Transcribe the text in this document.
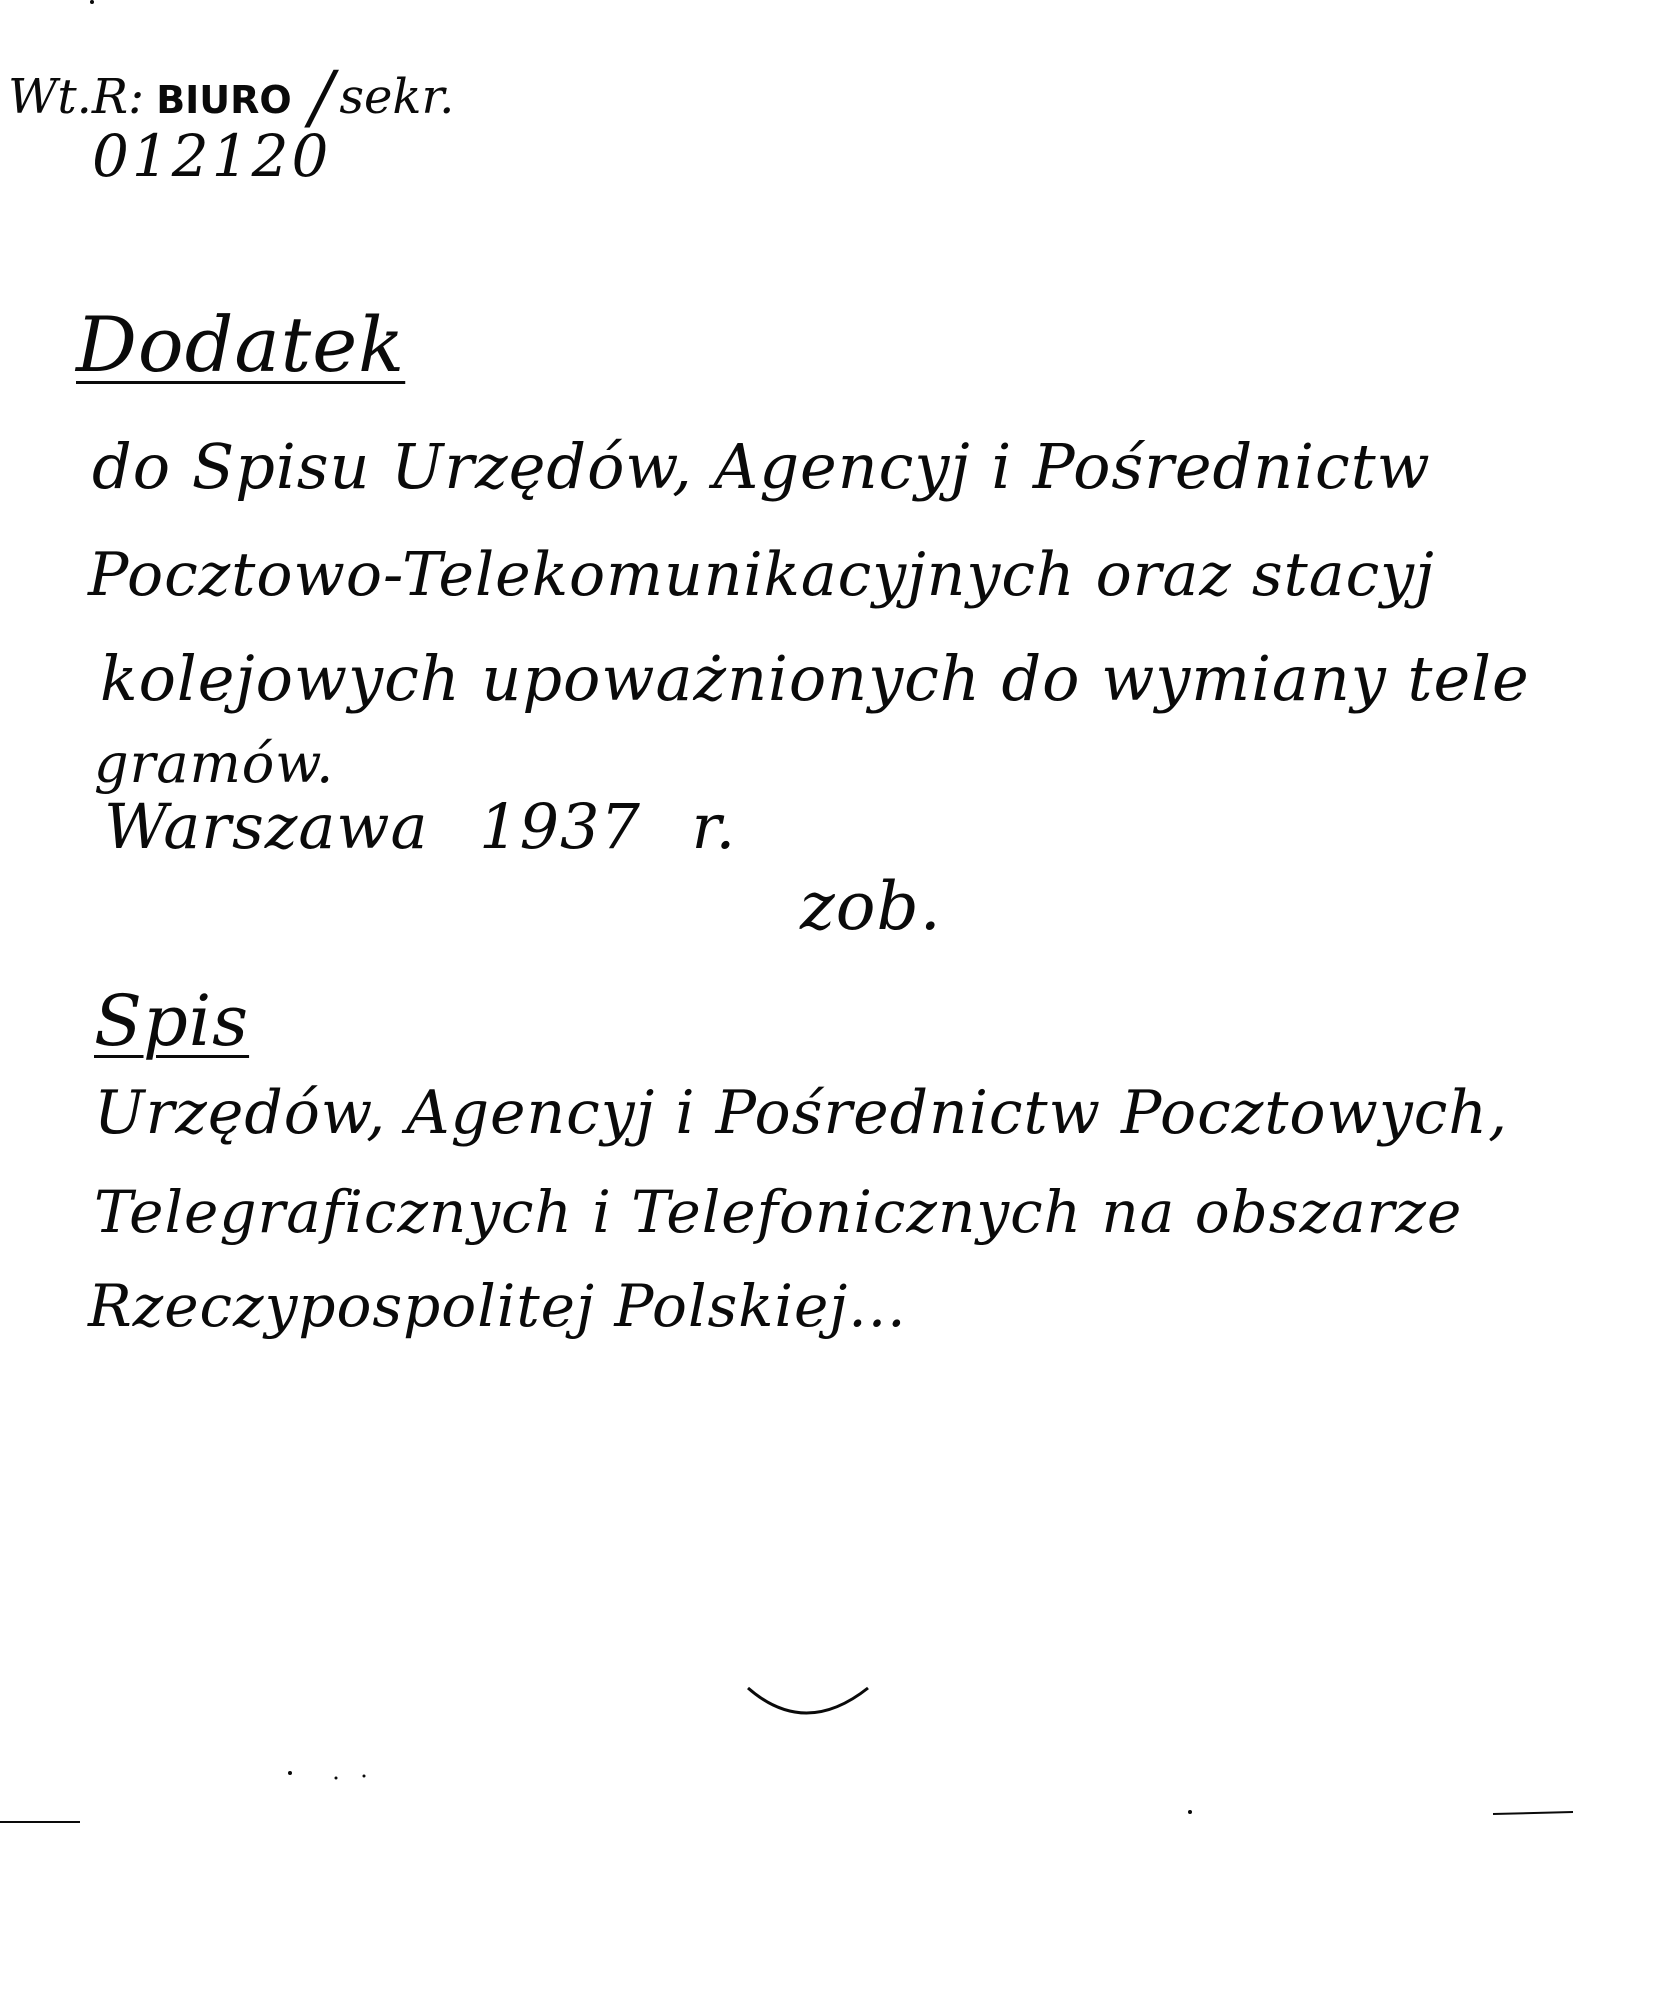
Wt.R: BIURO / sekr.
012120
Dodatek
do Spisu Urzędów, Agencyj i Pośrednictw
Pocztowo-Telekomunikacyjnych oraz stacyj
kolejowych upoważnionych do wymiany tele
gramów.
Warszawa 1937 r.
zob.
Spis
Urzędów, Agencyj i Pośrednictw Pocztowych,
Telegraficznych i Telefonicznych na obszarze
Rzeczypospolitej Polskiej...
